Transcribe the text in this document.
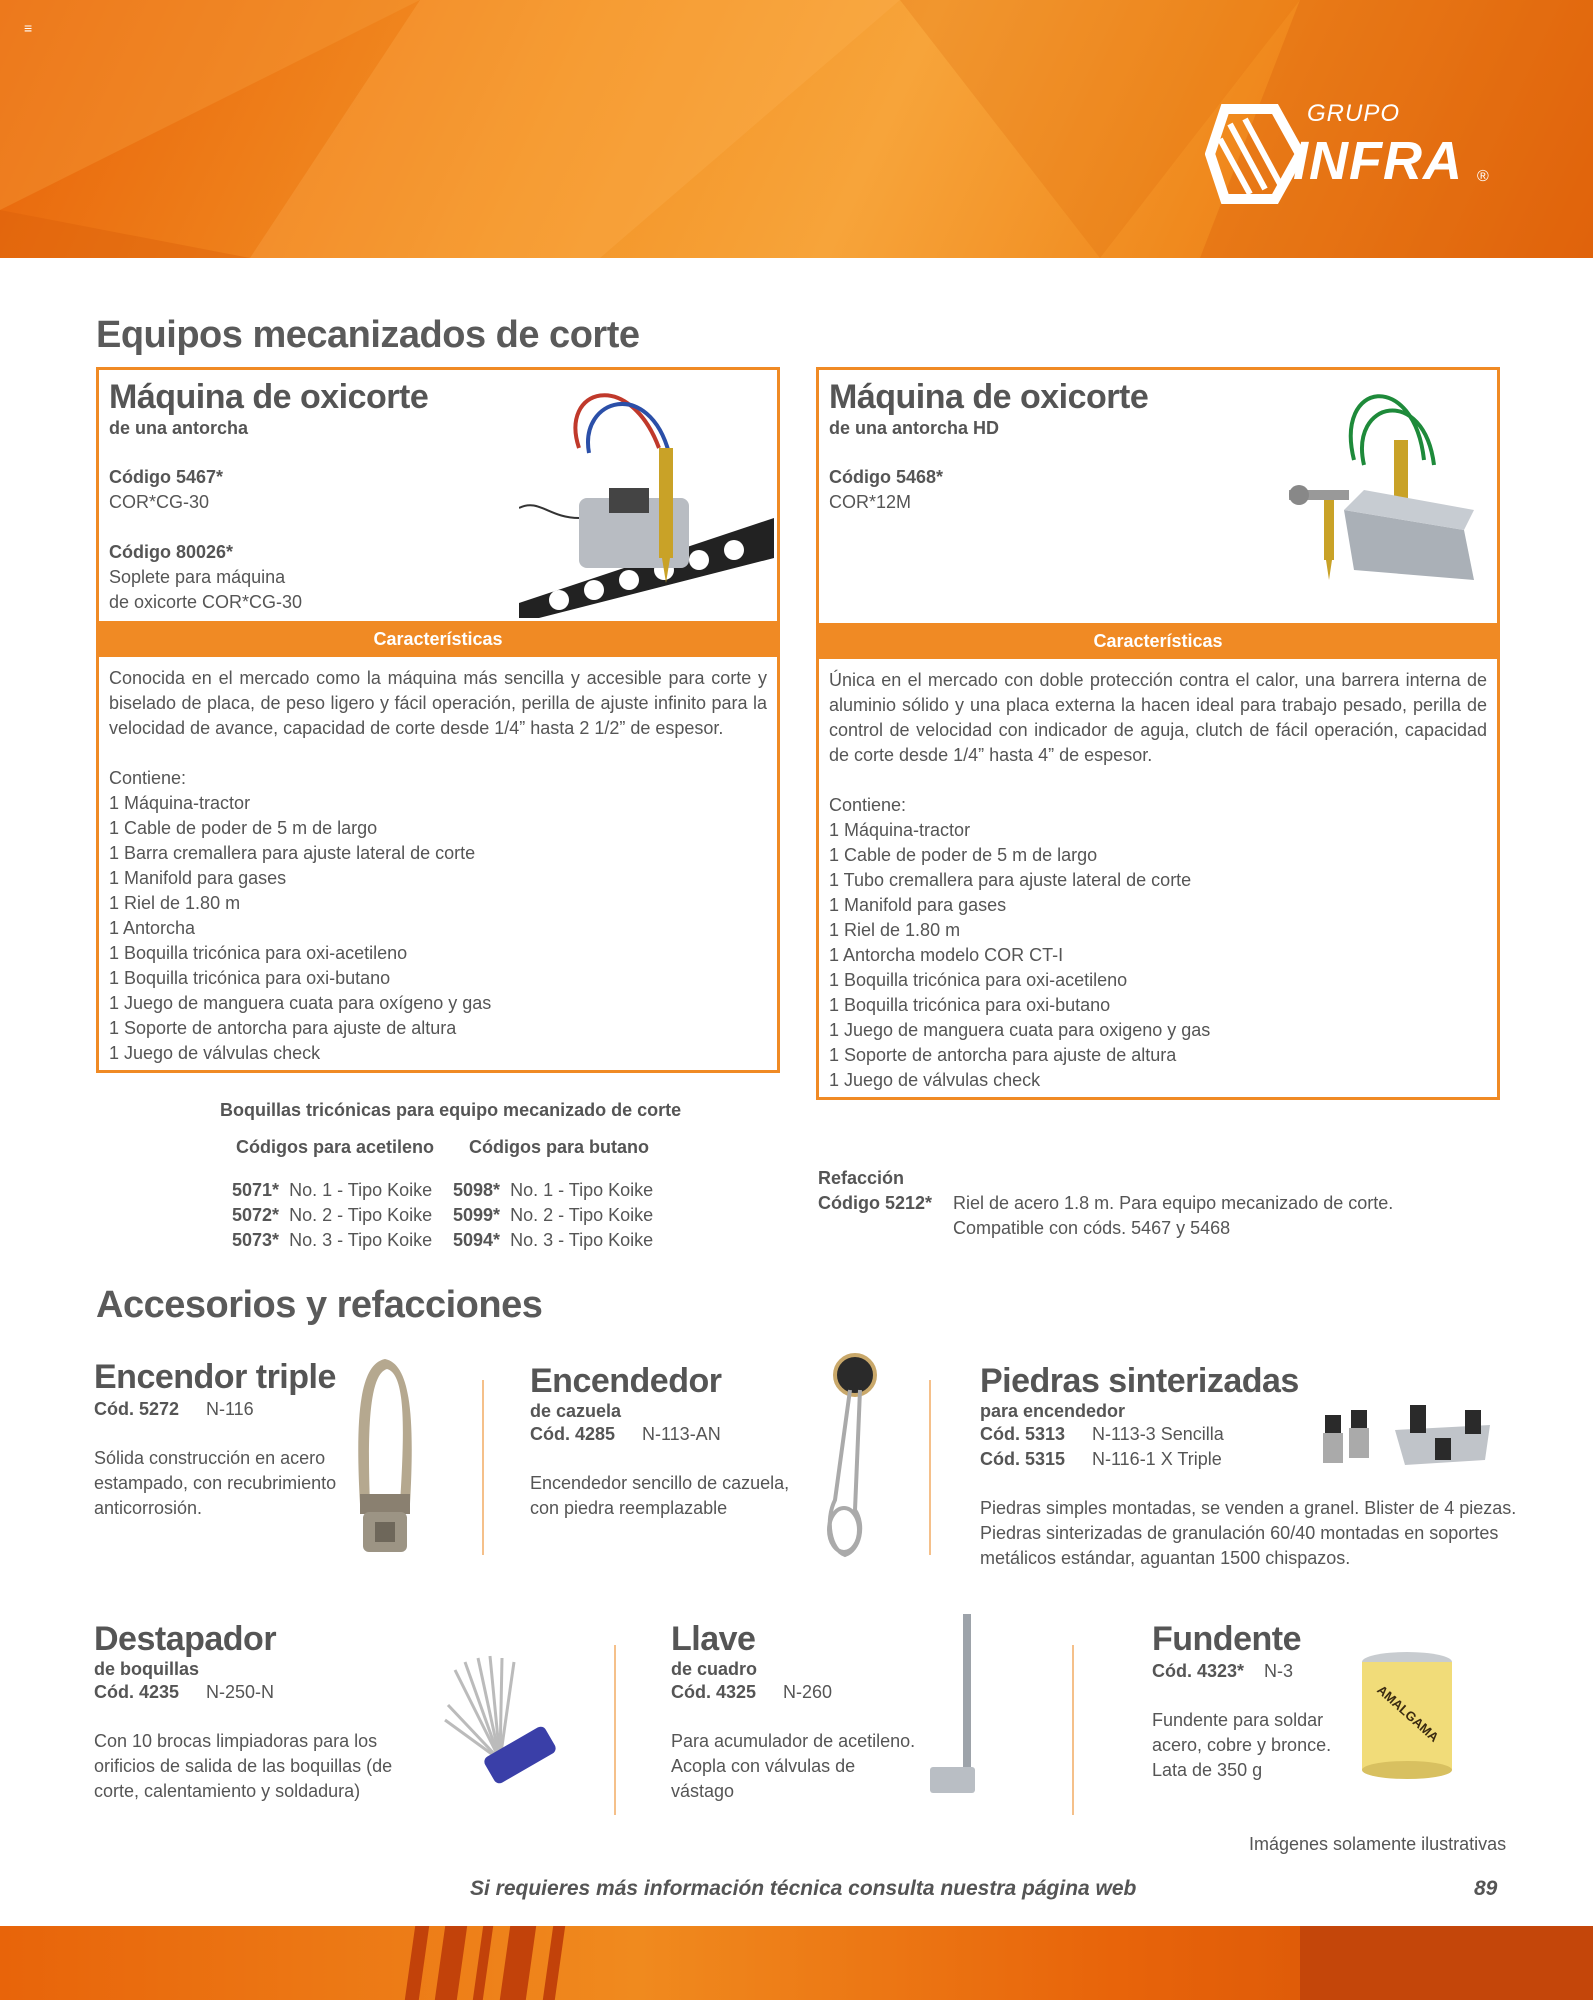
≡
GRUPO
INFRA ®
Equipos mecanizados de corte
Máquina de oxicorte
de una antorcha
Código 5467*
COR*CG-30
Código 80026*
Soplete para máquina
de oxicorte COR*CG-30
Características
Conocida en el mercado como la máquina más sencilla y accesible para corte y biselado de placa, de peso ligero y fácil operación, perilla de ajuste infinito para la velocidad de avance, capacidad de corte desde 1/4” hasta 2 1/2” de espesor.
Contiene:
1 Máquina-tractor
1 Cable de poder de 5 m de largo
1 Barra cremallera para ajuste lateral de corte
1 Manifold para gases
1 Riel de 1.80 m
1 Antorcha
1 Boquilla tricónica para oxi-acetileno
1 Boquilla tricónica para oxi-butano
1 Juego de manguera cuata para oxígeno y gas
1 Soporte de antorcha para ajuste de altura
1 Juego de válvulas check
Máquina de oxicorte
de una antorcha HD
Código 5468*
COR*12M
Características
Única en el mercado con doble protección contra el calor, una barrera interna de aluminio sólido y una placa externa la hacen ideal para trabajo pesado, perilla de control de velocidad con indicador de aguja, clutch de fácil operación, capacidad de corte desde 1/4” hasta 4” de espesor.
Contiene:
1 Máquina-tractor
1 Cable de poder de 5 m de largo
1 Tubo cremallera para ajuste lateral de corte
1 Manifold para gases
1 Riel de 1.80 m
1 Antorcha modelo COR CT-I
1 Boquilla tricónica para oxi-acetileno
1 Boquilla tricónica para oxi-butano
1 Juego de manguera cuata para oxigeno y gas
1 Soporte de antorcha para ajuste de altura
1 Juego de válvulas check
Boquillas tricónicas para equipo mecanizado de corte
Códigos para acetileno Códigos para butano
5071* No. 1 - Tipo Koike
5072* No. 2 - Tipo Koike
5073* No. 3 - Tipo Koike
5098* No. 1 - Tipo Koike
5099* No. 2 - Tipo Koike
5094* No. 3 - Tipo Koike
Refacción
Código 5212* Riel de acero 1.8 m. Para equipo mecanizado de corte.
Compatible con códs. 5467 y 5468
Accesorios y refacciones
Encendor triple
Cód. 5272 N-116
Sólida construcción en acero
estampado, con recubrimiento
anticorrosión.
Encendedor
de cazuela
Cód. 4285 N-113-AN
Encendedor sencillo de cazuela,
con piedra reemplazable
Piedras sinterizadas
para encendedor
Cód. 5313 N-113-3 Sencilla
Cód. 5315 N-116-1 X Triple
Piedras simples montadas, se venden a granel. Blister de 4 piezas.
Piedras sinterizadas de granulación 60/40 montadas en soportes
metálicos estándar, aguantan 1500 chispazos.
Destapador
de boquillas
Cód. 4235 N-250-N
Con 10 brocas limpiadoras para los
orificios de salida de las boquillas (de
corte, calentamiento y soldadura)
Llave
de cuadro
Cód. 4325 N-260
Para acumulador de acetileno.
Acopla con válvulas de
vástago
Fundente
Cód. 4323* N-3
Fundente para soldar
acero, cobre y bronce.
Lata de 350 g
AMALGAMA
Imágenes solamente ilustrativas
Si requieres más información técnica consulta nuestra página web	89
